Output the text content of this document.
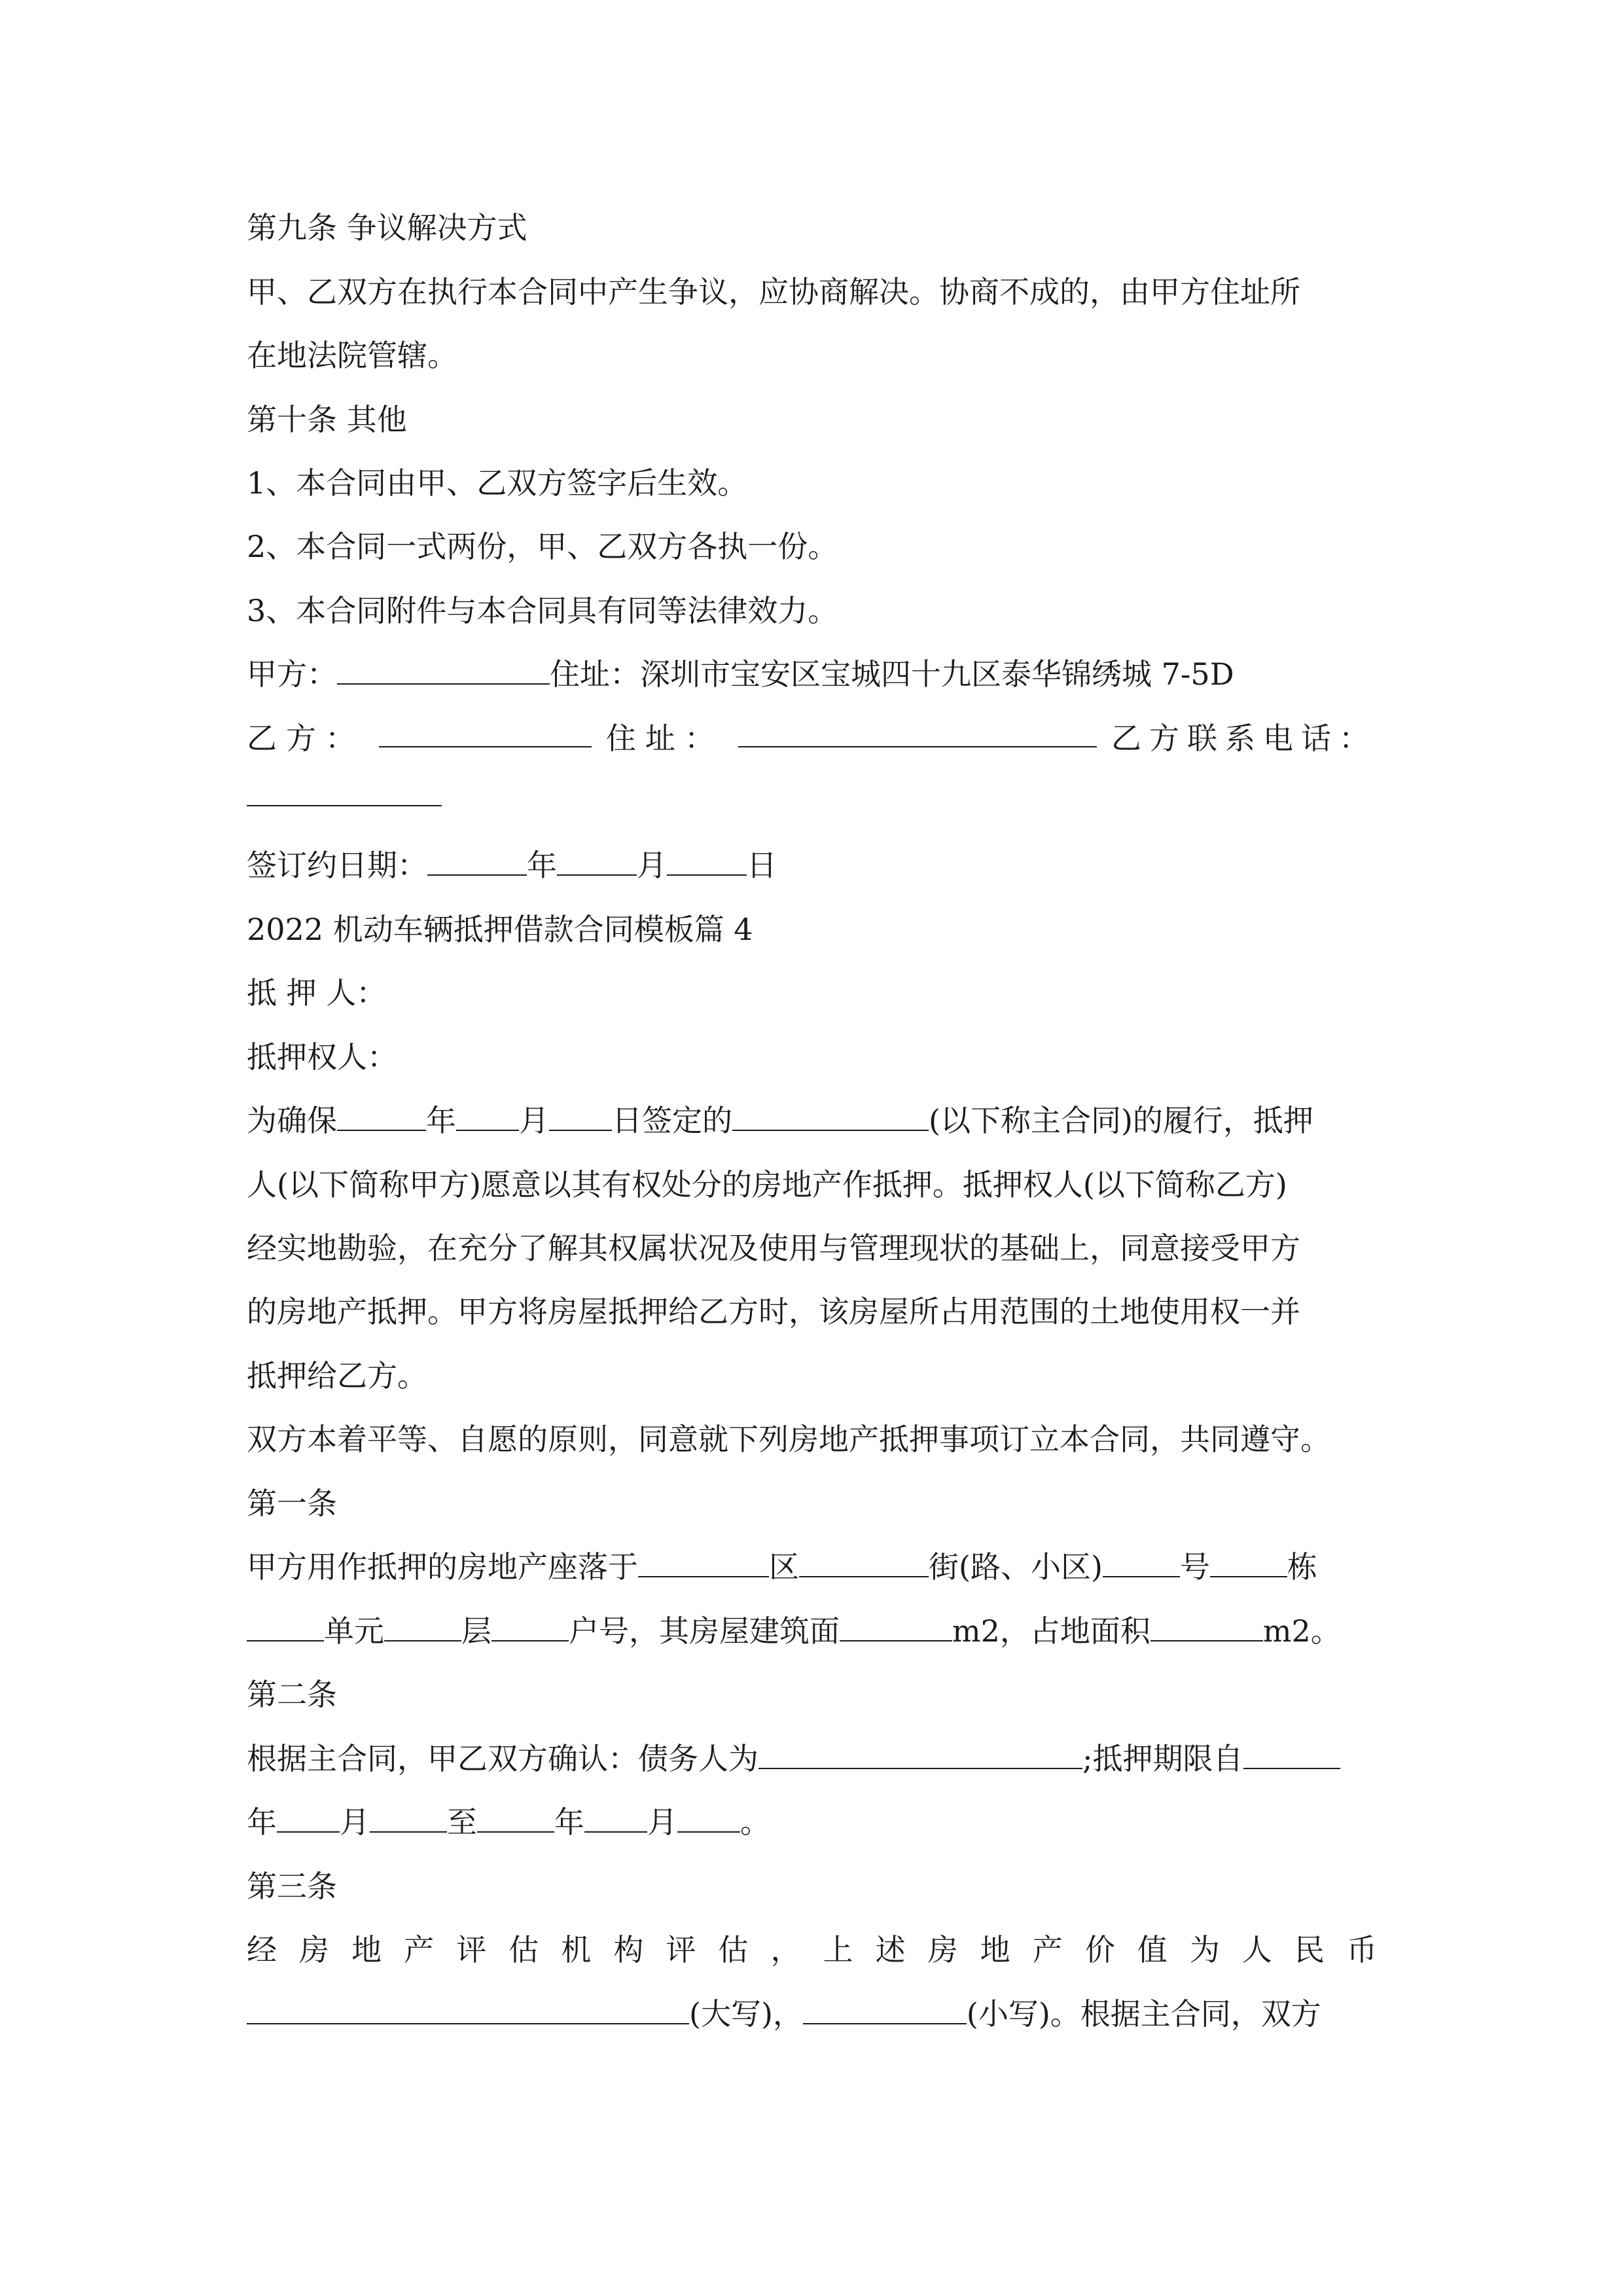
第九条 争议解决方式

甲、乙双方在执行本合同中产生争议，应协商解决。协商不成的，由甲方住址所

在地法院管辖。

第十条 其他

1、本合同由甲、乙双方签字后生效。

2、本合同一式两份，甲、乙双方各执一份。

3、本合同附件与本合同具有同等法律效力。

甲方：	住址：深圳市宝安区宝城四十九区泰华锦绣城 7-5D

乙方：	住址：	乙方联系电话：

签订约日期：	年	月	日

2022 机动车辆抵押借款合同模板篇 4

抵 押 人：

抵押权人：

为确保	年 月 日签定的	(以下称主合同)的履行，抵押

人(以下简称甲方)愿意以其有权处分的房地产作抵押。抵押权人(以下简称乙方)

经实地勘验，在充分了解其权属状况及使用与管理现状的基础上，同意接受甲方

的房地产抵押。甲方将房屋抵押给乙方时，该房屋所占用范围的土地使用权一并

抵押给乙方。

双方本着平等、自愿的原则，同意就下列房地产抵押事项订立本合同，共同遵守。

第一条

甲方用作抵押的房地产座落于	区	街(路、小区)	号	栋

单元	层	户号，其房屋建筑面	m2，占地面积	m2。

第二条

根据主合同，甲乙双方确认：债务人为	;抵押期限自

年 月	至	年 月 。

第三条

经 房 地 产 评 估 机 构 评 估 ， 上 述 房 地 产 价 值 为 人 民 币

(大写)，	(小写)。根据主合同，双方
